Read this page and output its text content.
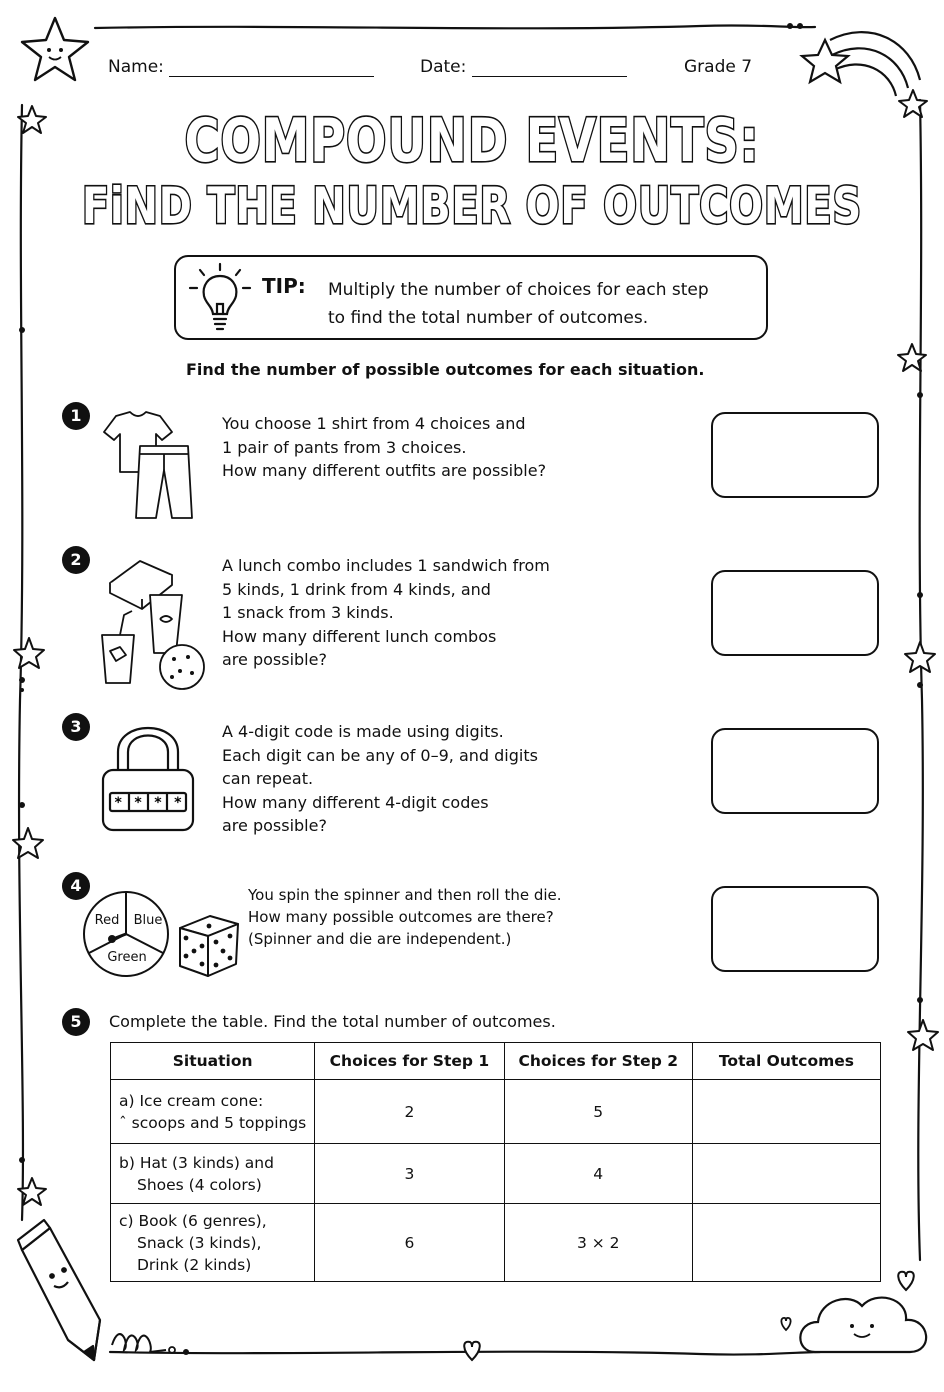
Name:	Date:	Grade 7
COMPOUND EVENTS:
FiND THE NUMBER OF OUTCOMES
TIP: Multiply the number of choices for each step
to find the total number of outcomes.
Find the number of possible outcomes for each situation.
1	You choose 1 shirt from 4 choices and
1 pair of pants from 3 choices.
How many different outfits are possible?
2	A lunch combo includes 1 sandwich from
5 kinds, 1 drink from 4 kinds, and
1 snack from 3 kinds.
How many different lunch combos
are possible?
3
****
A 4-digit code is made using digits.
Each digit can be any of 0–9, and digits
can repeat.
How many different 4-digit codes
are possible?
4
Red Blue
Green
You spin the spinner and then roll the die.
How many possible outcomes are there?
(Spinner and die are independent.)
5	Complete the table. Find the total number of outcomes.
Situation	Choices for Step 1	Choices for Step 2	Total Outcomes

a) Ice cream cone:
ˆ scoops and 5 toppings	2	5	

b) Hat (3 kinds) and
Shoes (4 colors)	3	4	

c) Book (6 genres),
Snack (3 kinds),
Drink (2 kinds)	6	3 × 2	
